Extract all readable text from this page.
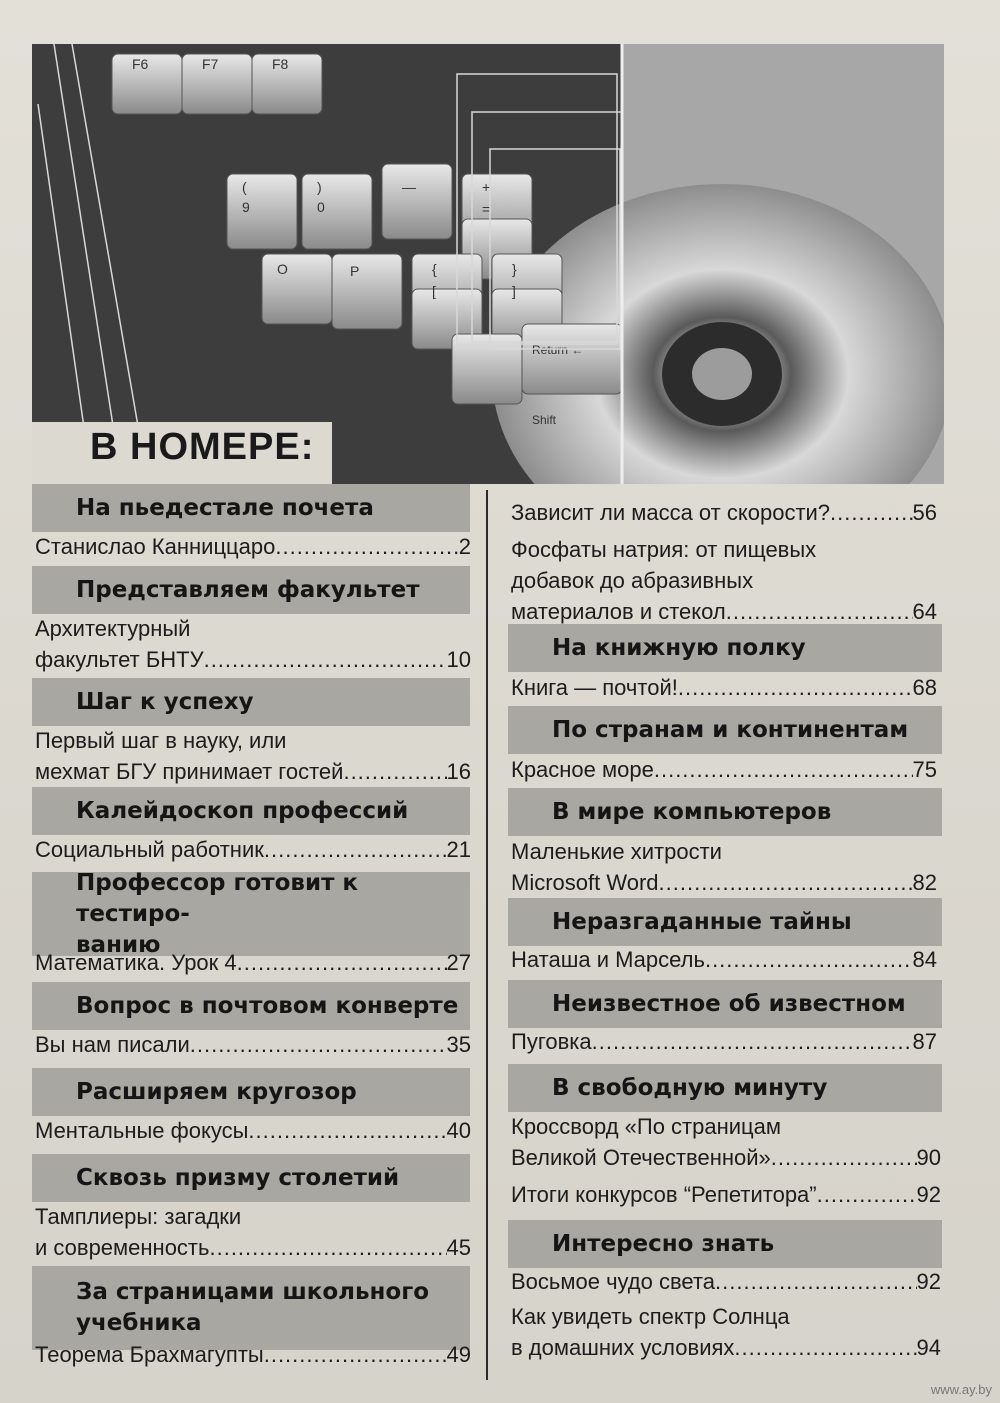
F6	F7	F8
(
9
)
0
—	+
=
O	P	{
[
}
]
Return ←
Shift
В НОМЕРЕ:
На пьедестале почета
Станислао Канниццаро .....	2
Представляем факультет
Архитектурный
факультет БНТУ .....	10
Шаг к успеху
Первый шаг в науку, или
мехмат БГУ принимает гостей .....	16
Калейдоскоп профессий
Социальный работник .....	21
Профессор готовит к тестиро-
ванию
Математика. Урок 4 .....	27
Вопрос в почтовом конверте
Вы нам писали .....	35
Расширяем кругозор
Ментальные фокусы .....	40
Сквозь призму столетий
Тамплиеры: загадки
и современность .....	45
За страницами школьного
учебника
Теорема Брахмагупты .....	49
Зависит ли масса от скорости? .....	56
Фосфаты натрия: от пищевых
добавок до абразивных
материалов и стекол .....	64
На книжную полку
Книга — почтой! .....	68
По странам и континентам
Красное море .....	75
В мире компьютеров
Маленькие хитрости
Microsoft Word .....	82
Неразгаданные тайны
Наташа и Марсель .....	84
Неизвестное об известном
Пуговка .....	87
В свободную минуту
Кроссворд «По страницам
Великой Отечественной» .....	90
Итоги конкурсов “Репетитора” .....	92
Интересно знать
Восьмое чудо света .....	92
Как увидеть спектр Солнца
в домашних условиях .....	94
www.ay.by
